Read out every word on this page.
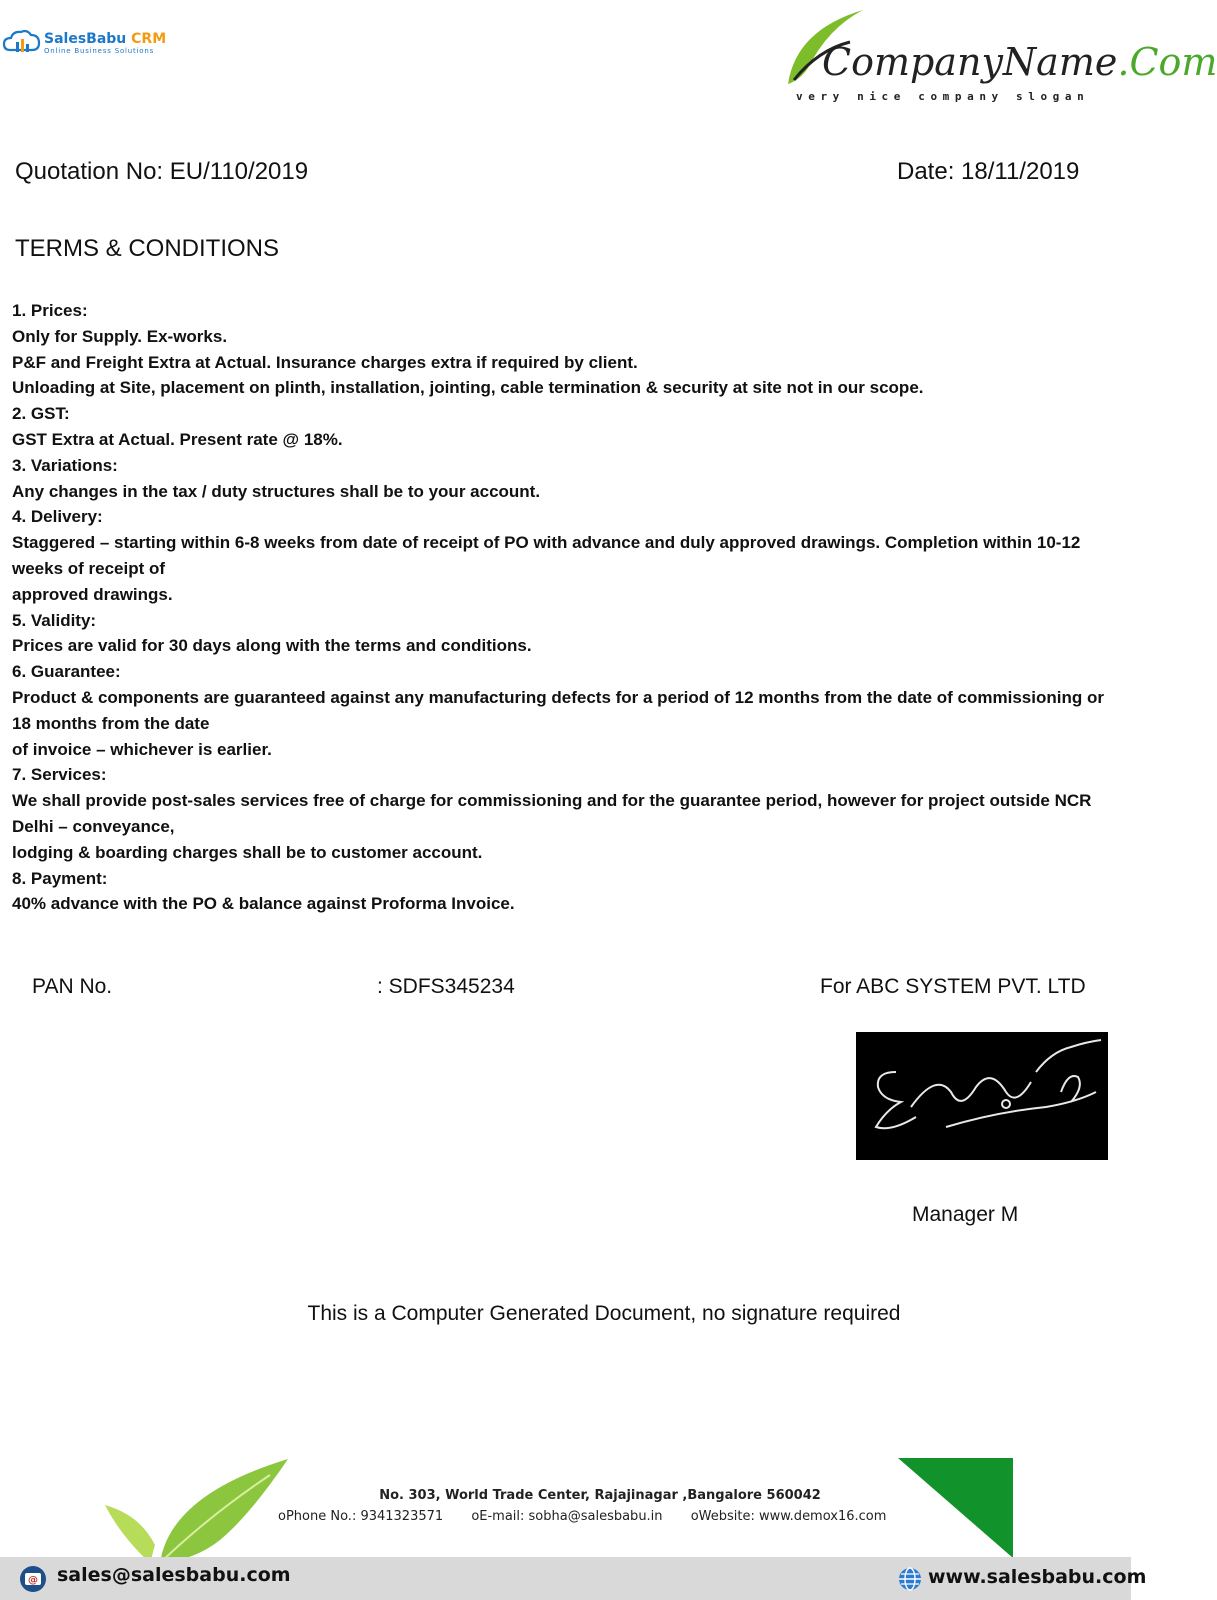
SalesBabu CRM
Online Business Solutions	CompanyName.Com
very nice company slogan
Quotation No: EU/110/2019	Date: 18/11/2019
TERMS & CONDITIONS

1. Prices:

Only for Supply. Ex-works.

P&F and Freight Extra at Actual. Insurance charges extra if required by client.

Unloading at Site, placement on plinth, installation, jointing, cable termination & security at site not in our scope.

2. GST:

GST Extra at Actual. Present rate @ 18%.

3. Variations:

Any changes in the tax / duty structures shall be to your account.

4. Delivery:

Staggered – starting within 6-8 weeks from date of receipt of PO with advance and duly approved drawings. Completion within 10-12 weeks of receipt of

approved drawings.

5. Validity:

Prices are valid for 30 days along with the terms and conditions.

6. Guarantee:

Product & components are guaranteed against any manufacturing defects for a period of 12 months from the date of commissioning or 18 months from the date

of invoice – whichever is earlier.

7. Services:

We shall provide post-sales services free of charge for commissioning and for the guarantee period, however for project outside NCR Delhi – conveyance,

lodging & boarding charges shall be to customer account.

8. Payment:

40% advance with the PO & balance against Proforma Invoice.

PAN No.	: SDFS345234	For ABC SYSTEM PVT. LTD
Manager M
This is a Computer Generated Document, no signature required
No. 303, World Trade Center, Rajajinagar ,Bangalore 560042
oPhone No.: 9341323571 oE-mail: sobha@salesbabu.in oWebsite: www.demox16.com
@ sales@salesbabu.com	www.salesbabu.com
